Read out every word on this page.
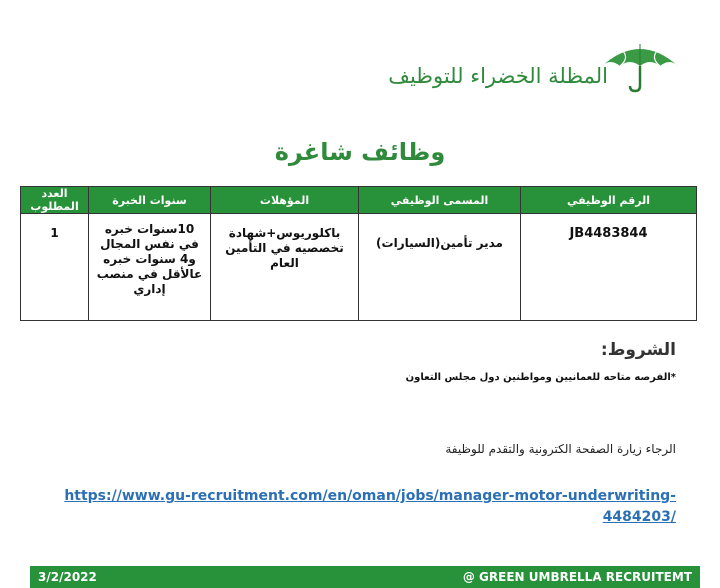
المظلة الخضراء للتوظيف
وظائف شاغرة
الرقم الوظيفي	المسمى الوظيفي	المؤهلات	سنوات الخبرة	العدد المطلوب
JB4483844	مدير تأمين(السيارات)	باكلوريوس+شهادة تخصصيه في التأمين العام	10سنوات خبره في نفس المجال و4 سنوات خبره عالأقل في منصب إداري	1
الشروط:
*الفرصه متاحه للعمانيين ومواطنين دول مجلس التعاون
الرجاء زيارة الصفحة الكترونية والتقدم للوظيفة
https://www.gu-recruitment.com/en/oman/jobs/manager-motor-underwriting-4484203/
3/2/2022	@ GREEN UMBRELLA RECRUITEMT
